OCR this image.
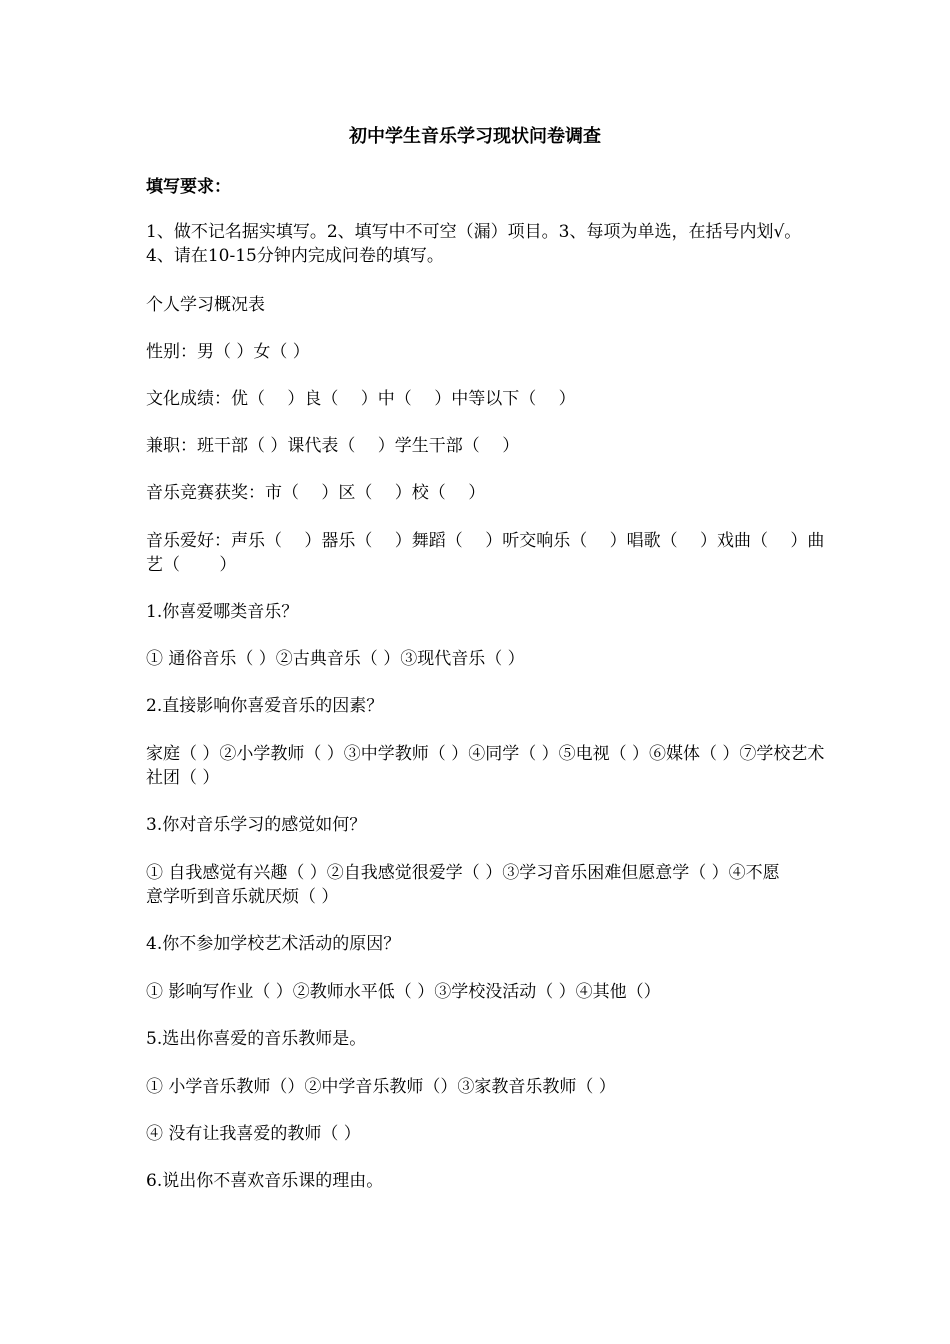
初中学生音乐学习现状问卷调查
填写要求：
1、做不记名据实填写。2、填写中不可空（漏）项目。3、每项为单选，在括号内划√。
4、请在10-15分钟内完成问卷的填写。
个人学习概况表
性别：男（ ）女（ ）
文化成绩：优（　 ）良（　 ）中（　 ）中等以下（　 ）
兼职：班干部（ ）课代表（　 ）学生干部（　 ）
音乐竞赛获奖：市（　 ）区（　 ）校（　 ）
音乐爱好：声乐（　 ）器乐（　 ）舞蹈（　 ）听交响乐（　 ）唱歌（　 ）戏曲（　 ）曲
艺（　　 ）
1.你喜爱哪类音乐？
① 通俗音乐（ ）②古典音乐（ ）③现代音乐（ ）
2.直接影响你喜爱音乐的因素？
家庭（ ）②小学教师（ ）③中学教师（ ）④同学（ ）⑤电视（ ）⑥媒体（ ）⑦学校艺术
社团（ ）
3.你对音乐学习的感觉如何？
① 自我感觉有兴趣（ ）②自我感觉很爱学（ ）③学习音乐困难但愿意学（ ）④不愿
意学听到音乐就厌烦（ ）
4.你不参加学校艺术活动的原因？
① 影响写作业（ ）②教师水平低（ ）③学校没活动（ ）④其他（）
5.选出你喜爱的音乐教师是。
① 小学音乐教师（）②中学音乐教师（）③家教音乐教师（ ）
④ 没有让我喜爱的教师（ ）
6.说出你不喜欢音乐课的理由。
